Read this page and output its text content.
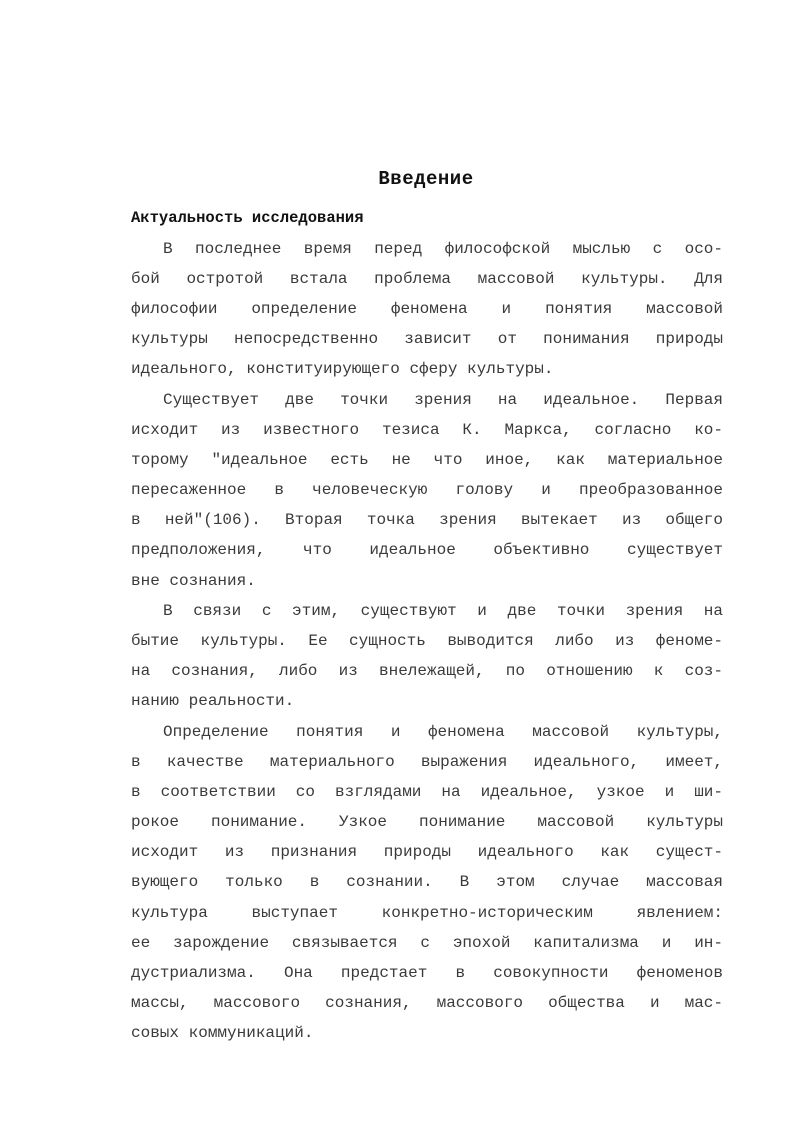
Введение
Актуальность исследования
В последнее время перед философской мыслью с осо-
бой остротой встала проблема массовой культуры. Для
философии определение феномена и понятия массовой
культуры непосредственно зависит от понимания природы
идеального, конституирующего сферу культуры.
Существует две точки зрения на идеальное. Первая
исходит из известного тезиса К. Маркса, согласно ко-
торому "идеальное есть не что иное, как материальное
пересаженное в человеческую голову и преобразованное
в ней"(106). Вторая точка зрения вытекает из общего
предположения, что идеальное объективно существует
вне сознания.
В связи с этим, существуют и две точки зрения на
бытие культуры. Ее сущность выводится либо из феноме-
на сознания, либо из внележащей, по отношению к соз-
нанию реальности.
Определение понятия и феномена массовой культуры,
в качестве материального выражения идеального, имеет,
в соответствии со взглядами на идеальное, узкое и ши-
рокое понимание. Узкое понимание массовой культуры
исходит из признания природы идеального как сущест-
вующего только в сознании. В этом случае массовая
культура выступает конкретно-историческим явлением:
ее зарождение связывается с эпохой капитализма и ин-
дустриализма. Она предстает в совокупности феноменов
массы, массового сознания, массового общества и мас-
совых коммуникаций.
